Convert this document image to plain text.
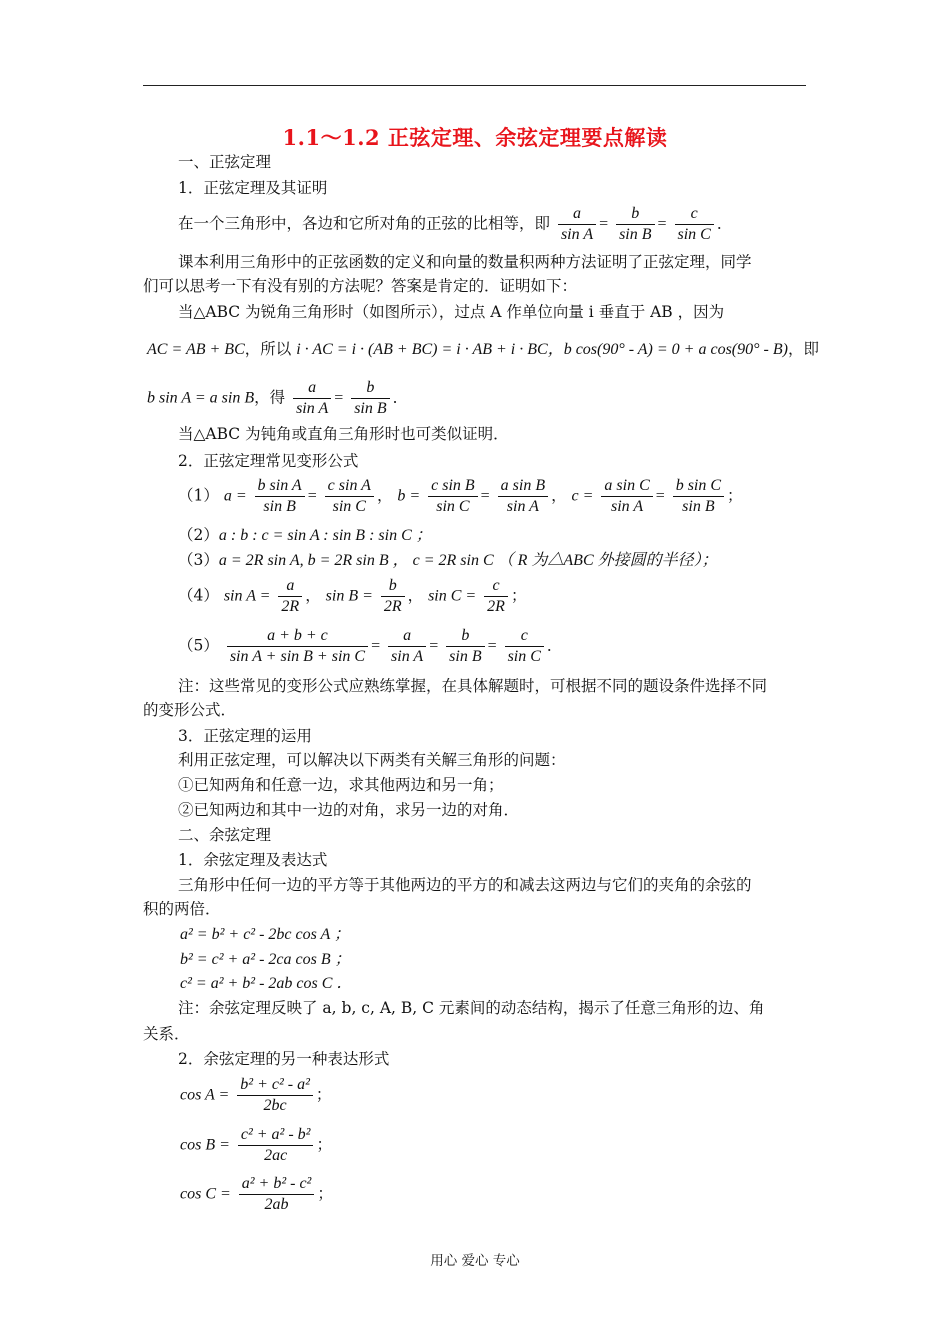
1.1～1.2 正弦定理、余弦定理要点解读
一、正弦定理
1．正弦定理及其证明
在一个三角形中，各边和它所对角的正弦的比相等，即 $\frac{a}{\text{sin A}} = \frac{b}{\text{sin B}} = \frac{c}{\text{sin C}}$ ．
课本利用三角形中的正弦函数的定义和向量的数量积两种方法证明了正弦定理，同学
们可以思考一下有没有别的方法呢？答案是肯定的．证明如下：
当△ABC 为锐角三角形时（如图所示），过点 A 作单位向量 i 垂直于 AB ，因为
AC = AB + BC，所以 i · AC = i · (AB + BC) = i · AB + i · BC，b cos(90° - A) = 0 + a cos(90° - B)，即
b sin A = a sin B，得 $\frac{a}{\text{sin A}} = \frac{b}{\text{sin B}}$ ．
当△ABC 为钝角或直角三角形时也可类似证明．
2．正弦定理常见变形公式
（1） $a = \frac{\text{b sin A}}{\text{sin B}} = \frac{\text{c sin A}}{\text{sin C}}$ ， $b = \frac{\text{c sin B}}{\text{sin C}} = \frac{\text{a sin B}}{\text{sin A}}$ ， $c = \frac{\text{a sin C}}{\text{sin A}} = \frac{\text{b sin C}}{\text{sin B}}$ ；
（2）a : b : c = sin A : sin B : sin C ；
（3）a = 2R sin A, b = 2R sin B ， c = 2R sin C （ R 为△ABC 外接圆的半径）；
（4） $\sin A = \frac{a}{2R}$ ， $\sin B = \frac{b}{2R}$ ， $\sin C = \frac{c}{2R}$ ；
$(5) \frac{a + b + c}{\text{sin A + sin B + sin C}} = \frac{a}{\text{sin A}} = \frac{b}{\text{sin B}} = \frac{c}{\text{sin C}}$ ．
注：这些常见的变形公式应熟练掌握，在具体解题时，可根据不同的题设条件选择不同
的变形公式．
3．正弦定理的运用
利用正弦定理，可以解决以下两类有关解三角形的问题：
①已知两角和任意一边，求其他两边和另一角；
②已知两边和其中一边的对角，求另一边的对角．
二、余弦定理
1．余弦定理及表达式
三角形中任何一边的平方等于其他两边的平方的和减去这两边与它们的夹角的余弦的
积的两倍．
a² = b² + c² - 2bc cos A ；
b² = c² + a² - 2ca cos B ；
c² = a² + b² - 2ab cos C ．
注：余弦定理反映了 a, b, c, A, B, C 元素间的动态结构，揭示了任意三角形的边、角
关系．
2．余弦定理的另一种表达形式
$\cos A = \frac{\text{b² + c² - a²}}{2bc}$ ；
$\cos B = \frac{\text{c² + a² - b²}}{2ac}$ ；
$\cos C = \frac{\text{a² + b² - c²}}{2ab}$ ；
用心 爱心 专心
